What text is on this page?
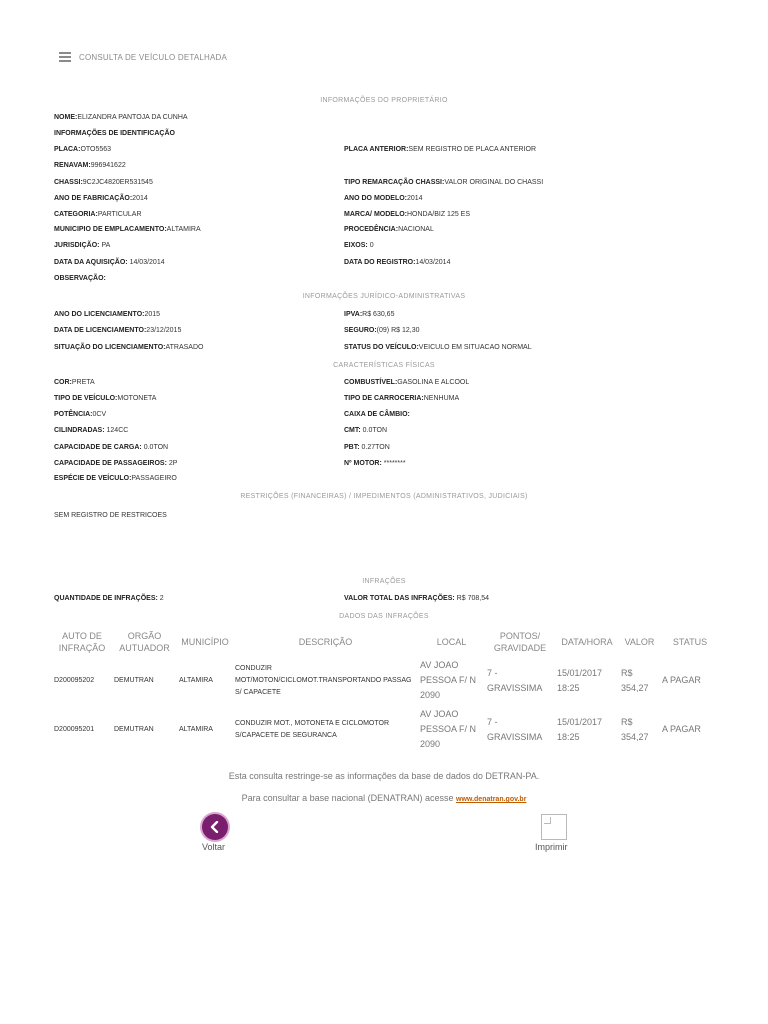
CONSULTA DE VEÍCULO DETALHADA
INFORMAÇÕES DO PROPRIETÁRIO
NOME:ELIZANDRA PANTOJA DA CUNHA
INFORMAÇÕES DE IDENTIFICAÇÃO
PLACA:OTO5563	PLACA ANTERIOR:SEM REGISTRO DE PLACA ANTERIOR
RENAVAM:996941622
CHASSI:9C2JC4820ER531545	TIPO REMARCAÇÃO CHASSI:VALOR ORIGINAL DO CHASSI
ANO DE FABRICAÇÃO:2014	ANO DO MODELO:2014
CATEGORIA:PARTICULAR	MARCA/ MODELO:HONDA/BIZ 125 ES
MUNICIPIO DE EMPLACAMENTO:ALTAMIRA	PROCEDÊNCIA:NACIONAL
JURISDIÇÃO: PA	EIXOS: 0
DATA DA AQUISIÇÃO: 14/03/2014	DATA DO REGISTRO:14/03/2014
OBSERVAÇÃO:
INFORMAÇÕES JURÍDICO-ADMINISTRATIVAS
ANO DO LICENCIAMENTO:2015	IPVA:R$ 630,65
DATA DE LICENCIAMENTO:23/12/2015	SEGURO:(09) R$ 12,30
SITUAÇÃO DO LICENCIAMENTO:ATRASADO	STATUS DO VEÍCULO:VEICULO EM SITUACAO NORMAL
CARACTERÍSTICAS FÍSICAS
COR:PRETA	COMBUSTÍVEL:GASOLINA E ALCOOL
TIPO DE VEÍCULO:MOTONETA	TIPO DE CARROCERIA:NENHUMA
POTÊNCIA:0CV	CAIXA DE CÂMBIO:
CILINDRADAS: 124CC	CMT: 0.0TON
CAPACIDADE DE CARGA: 0.0TON	PBT: 0.27TON
CAPACIDADE DE PASSAGEIROS: 2P	Nº MOTOR: ********
ESPÉCIE DE VEÍCULO:PASSAGEIRO
RESTRIÇÕES (FINANCEIRAS) / IMPEDIMENTOS (ADMINISTRATIVOS, JUDICIAIS)
SEM REGISTRO DE RESTRICOES
INFRAÇÕES
QUANTIDADE DE INFRAÇÕES: 2	VALOR TOTAL DAS INFRAÇÕES: R$ 708,54
DADOS DAS INFRAÇÕES
AUTO DE INFRAÇÃO	ORGÃO AUTUADOR	MUNICÍPIO	DESCRIÇÃO	LOCAL	PONTOS/ GRAVIDADE	DATA/HORA	VALOR	STATUS
D200095202	DEMUTRAN	ALTAMIRA	CONDUZIR MOT/MOTON/CICLOMOT.TRANSPORTANDO PASSAG S/ CAPACETE	AV JOAO PESSOA F/ N 2090	7 - GRAVISSIMA	15/01/2017 18:25	R$ 354,27	A PAGAR
D200095201	DEMUTRAN	ALTAMIRA	CONDUZIR MOT., MOTONETA E CICLOMOTOR S/CAPACETE DE SEGURANCA	AV JOAO PESSOA F/ N 2090	7 - GRAVISSIMA	15/01/2017 18:25	R$ 354,27	A PAGAR
Esta consulta restringe-se as informações da base de dados do DETRAN-PA.
Para consultar a base nacional (DENATRAN) acesse www.denatran.gov.br
Voltar	Imprimir
